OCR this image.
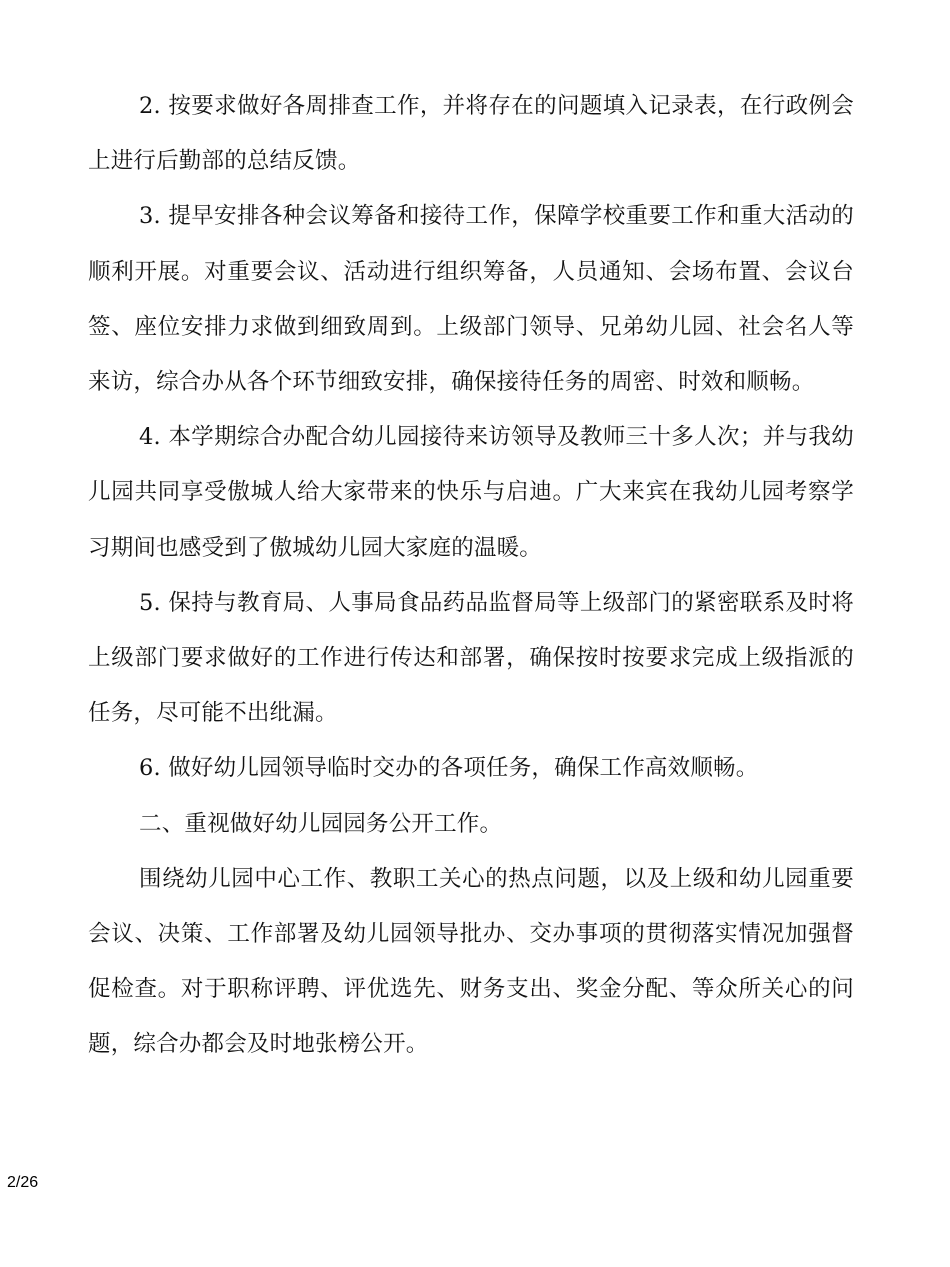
2. 按要求做好各周排查工作，并将存在的问题填入记录表，在行政例会上进行后勤部的总结反馈。

3. 提早安排各种会议筹备和接待工作，保障学校重要工作和重大活动的顺利开展。对重要会议、活动进行组织筹备，人员通知、会场布置、会议台签、座位安排力求做到细致周到。上级部门领导、兄弟幼儿园、社会名人等来访，综合办从各个环节细致安排，确保接待任务的周密、时效和顺畅。

4. 本学期综合办配合幼儿园接待来访领导及教师三十多人次；并与我幼儿园共同享受傲城人给大家带来的快乐与启迪。广大来宾在我幼儿园考察学习期间也感受到了傲城幼儿园大家庭的温暖。

5. 保持与教育局、人事局食品药品监督局等上级部门的紧密联系及时将上级部门要求做好的工作进行传达和部署，确保按时按要求完成上级指派的任务，尽可能不出纰漏。

6. 做好幼儿园领导临时交办的各项任务，确保工作高效顺畅。

二、重视做好幼儿园园务公开工作。

围绕幼儿园中心工作、教职工关心的热点问题，以及上级和幼儿园重要会议、决策、工作部署及幼儿园领导批办、交办事项的贯彻落实情况加强督促检查。对于职称评聘、评优选先、财务支出、奖金分配、等众所关心的问题，综合办都会及时地张榜公开。

2/26
